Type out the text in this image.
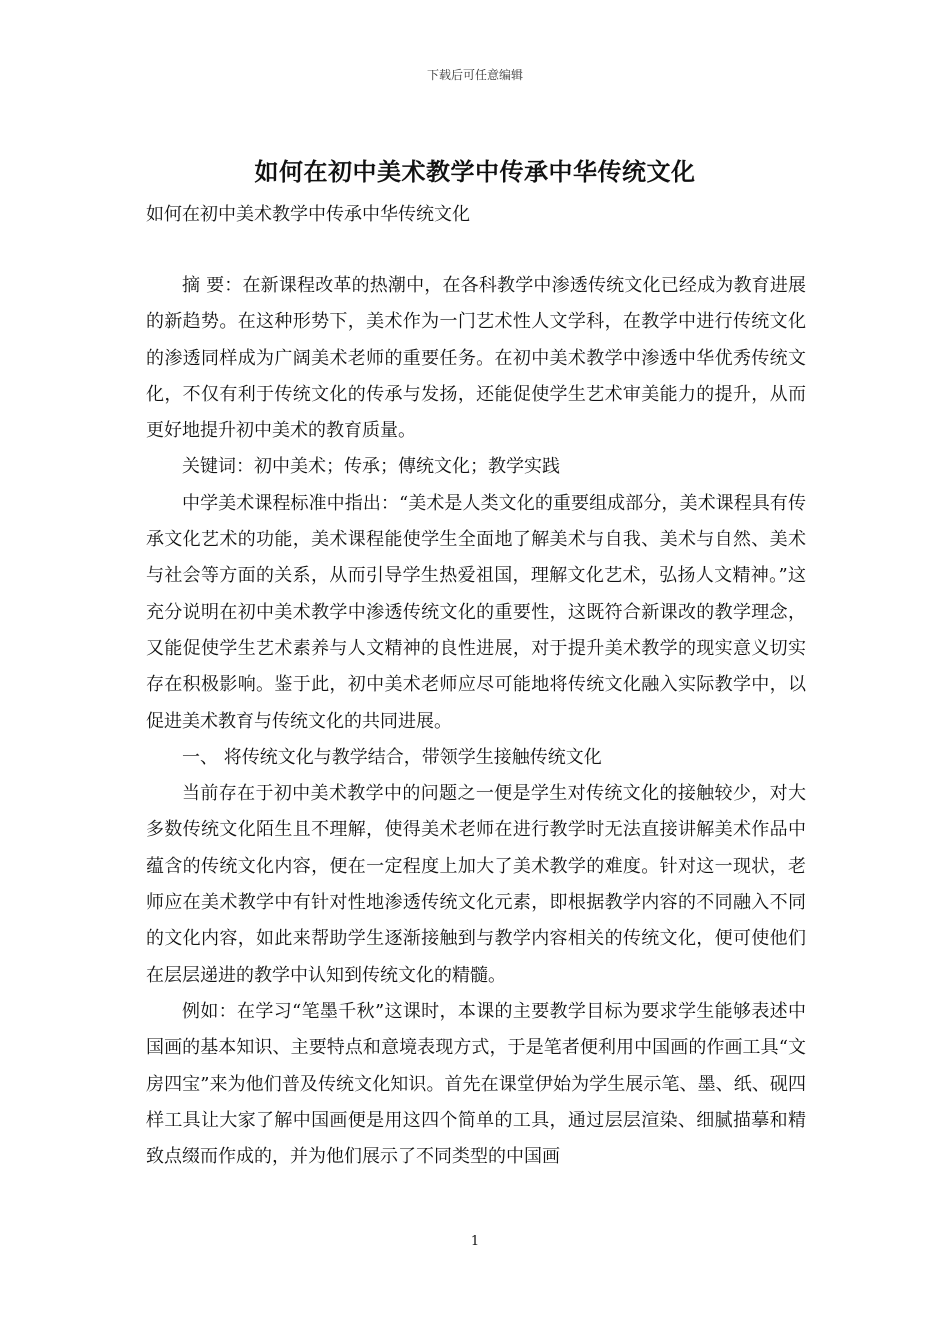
下载后可任意编辑
如何在初中美术教学中传承中华传统文化
如何在初中美术教学中传承中华传统文化

摘 要：在新课程改革的热潮中，在各科教学中渗透传统文化已经成为教育进展的新趋势。在这种形势下，美术作为一门艺术性人文学科，在教学中进行传统文化的渗透同样成为广阔美术老师的重要任务。在初中美术教学中渗透中华优秀传统文化，不仅有利于传统文化的传承与发扬，还能促使学生艺术审美能力的提升，从而更好地提升初中美术的教育质量。

关键词：初中美术；传承；傳统文化；教学实践

中学美术课程标准中指出：“美术是人类文化的重要组成部分，美术课程具有传承文化艺术的功能，美术课程能使学生全面地了解美术与自我、美术与自然、美术与社会等方面的关系，从而引导学生热爱祖国，理解文化艺术，弘扬人文精神。”这充分说明在初中美术教学中渗透传统文化的重要性，这既符合新课改的教学理念，又能促使学生艺术素养与人文精神的良性进展，对于提升美术教学的现实意义切实存在积极影响。鉴于此，初中美术老师应尽可能地将传统文化融入实际教学中，以促进美术教育与传统文化的共同进展。

一、 将传统文化与教学结合，带领学生接触传统文化

当前存在于初中美术教学中的问题之一便是学生对传统文化的接触较少，对大多数传统文化陌生且不理解，使得美术老师在进行教学时无法直接讲解美术作品中蕴含的传统文化内容，便在一定程度上加大了美术教学的难度。针对这一现状，老师应在美术教学中有针对性地渗透传统文化元素，即根据教学内容的不同融入不同的文化内容，如此来帮助学生逐渐接触到与教学内容相关的传统文化，便可使他们在层层递进的教学中认知到传统文化的精髓。

例如：在学习“笔墨千秋”这课时，本课的主要教学目标为要求学生能够表述中国画的基本知识、主要特点和意境表现方式，于是笔者便利用中国画的作画工具“文房四宝”来为他们普及传统文化知识。首先在课堂伊始为学生展示笔、墨、纸、砚四样工具让大家了解中国画便是用这四个简单的工具，通过层层渲染、细腻描摹和精致点缀而作成的，并为他们展示了不同类型的中国画

1
